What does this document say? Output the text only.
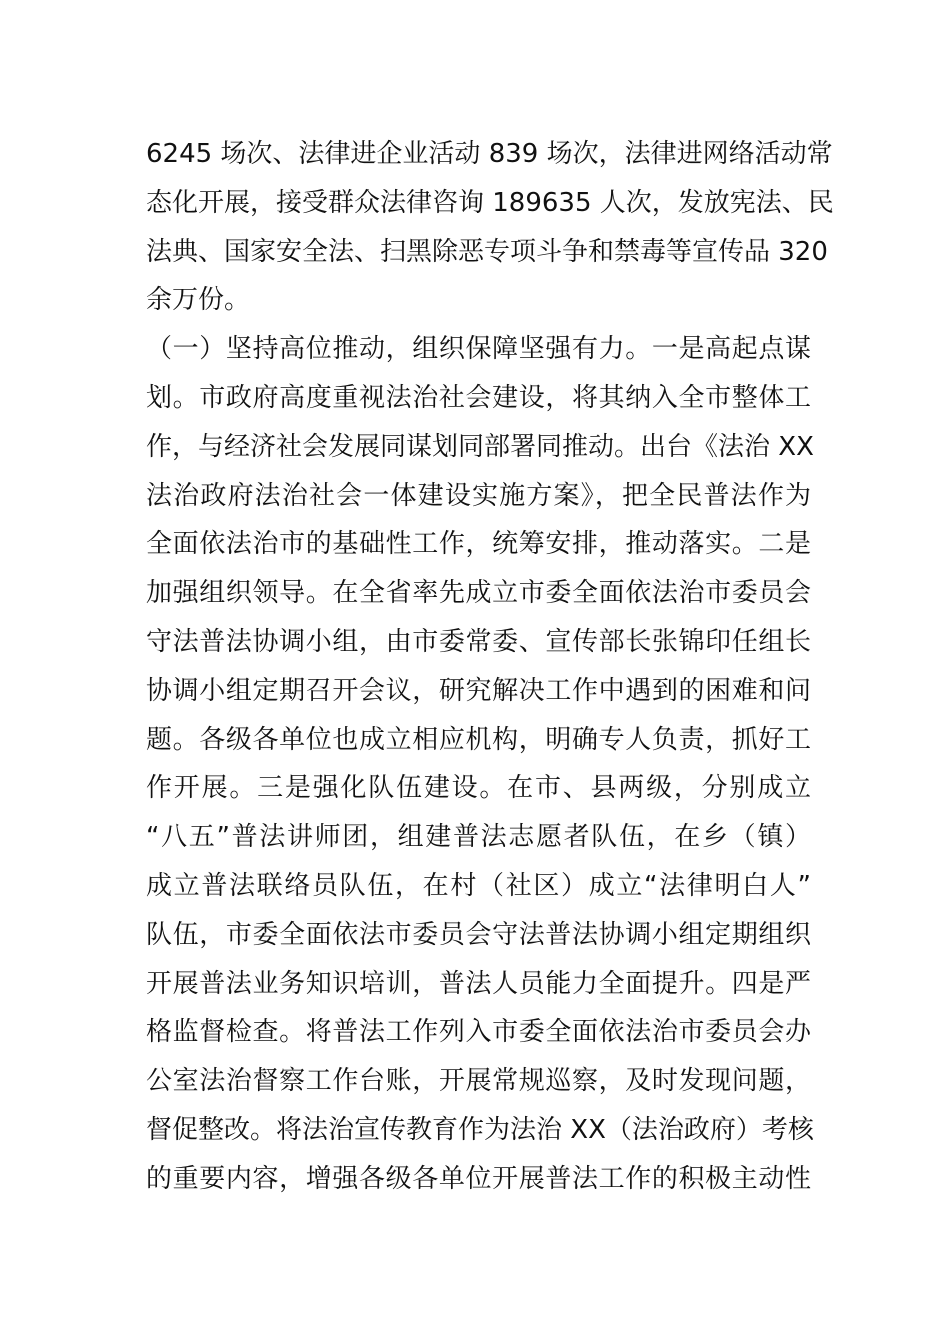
6245 场次、法律进企业活动 839 场次，法律进网络活动常
态化开展，接受群众法律咨询 189635 人次，发放宪法、民
法典、国家安全法、扫黑除恶专项斗争和禁毒等宣传品 320
余万份。
（一）坚持高位推动，组织保障坚强有力。一是高起点谋
划。市政府高度重视法治社会建设，将其纳入全市整体工
作，与经济社会发展同谋划同部署同推动。出台《法治 XX
法治政府法治社会一体建设实施方案》，把全民普法作为
全面依法治市的基础性工作，统筹安排，推动落实。二是
加强组织领导。在全省率先成立市委全面依法治市委员会
守法普法协调小组，由市委常委、宣传部长张锦印任组长
协调小组定期召开会议，研究解决工作中遇到的困难和问
题。各级各单位也成立相应机构，明确专人负责，抓好工
作开展。三是强化队伍建设。在市、县两级，分别成立
“八五”普法讲师团，组建普法志愿者队伍，在乡（镇）
成立普法联络员队伍，在村（社区）成立“法律明白人”
队伍，市委全面依法市委员会守法普法协调小组定期组织
开展普法业务知识培训，普法人员能力全面提升。四是严
格监督检查。将普法工作列入市委全面依法治市委员会办
公室法治督察工作台账，开展常规巡察，及时发现问题，
督促整改。将法治宣传教育作为法治 XX（法治政府）考核
的重要内容，增强各级各单位开展普法工作的积极主动性
